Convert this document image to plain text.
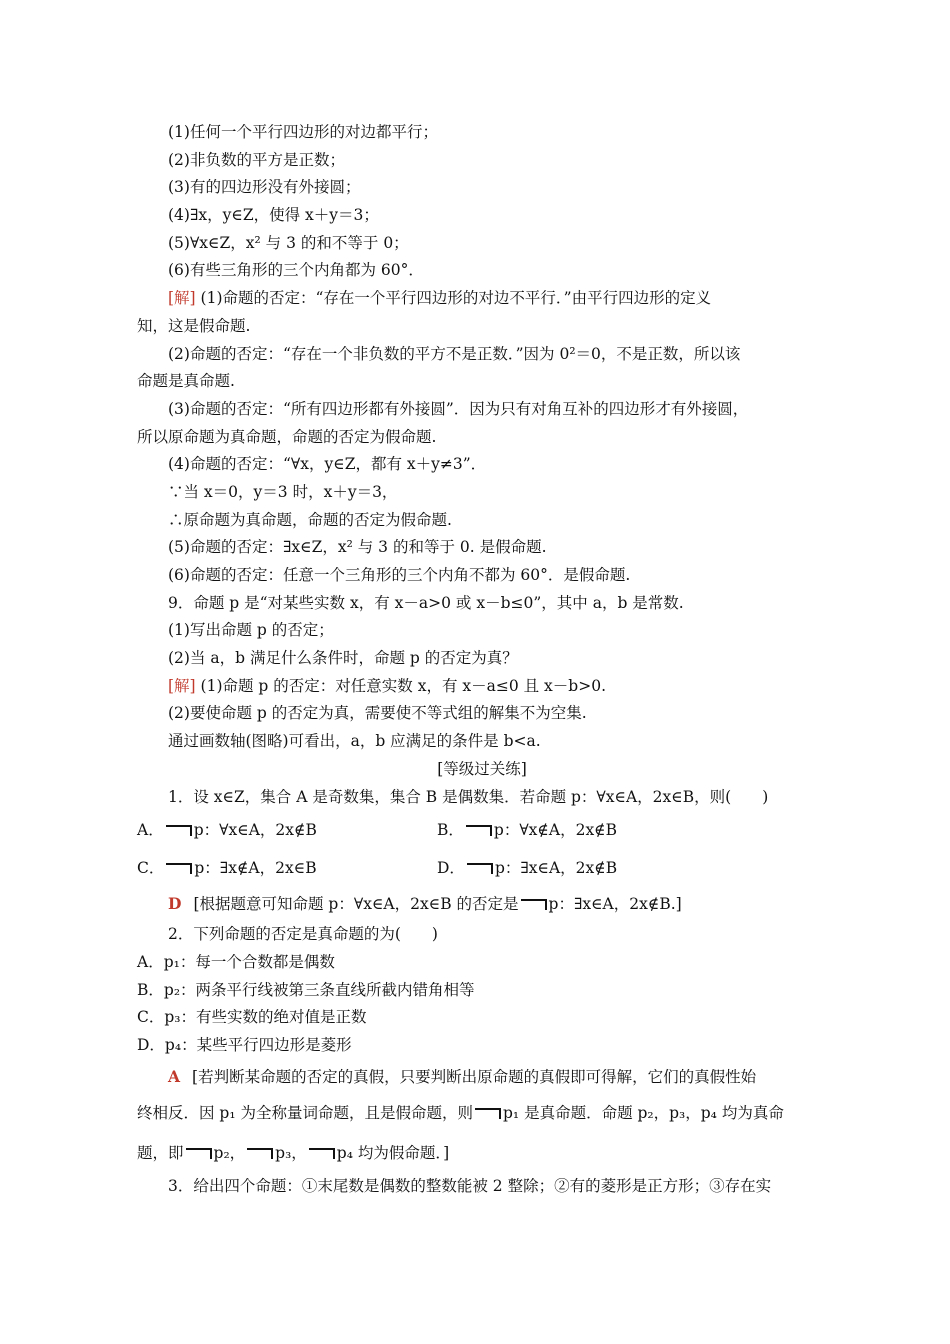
(1)任何一个平行四边形的对边都平行；
(2)非负数的平方是正数；
(3)有的四边形没有外接圆；
(4)∃x，y∈Z，使得 x＋y＝3；
(5)∀x∈Z，x² 与 3 的和不等于 0；
(6)有些三角形的三个内角都为 60°．
[解] (1)命题的否定：“存在一个平行四边形的对边不平行．”由平行四边形的定义
知，这是假命题.
(2)命题的否定：“存在一个非负数的平方不是正数．”因为 0²＝0，不是正数，所以该
命题是真命题.
(3)命题的否定：“所有四边形都有外接圆”．因为只有对角互补的四边形才有外接圆，
所以原命题为真命题，命题的否定为假命题.
(4)命题的否定：“∀x，y∈Z，都有 x＋y≠3”．
∵当 x＝0，y＝3 时，x＋y＝3，
∴原命题为真命题，命题的否定为假命题.
(5)命题的否定：∃x∈Z，x² 与 3 的和等于 0. 是假命题.
(6)命题的否定：任意一个三角形的三个内角不都为 60°．是假命题.
9．命题 p 是“对某些实数 x，有 x－a>0 或 x－b≤0”，其中 a，b 是常数.
(1)写出命题 p 的否定；
(2)当 a，b 满足什么条件时，命题 p 的否定为真？
[解] (1)命题 p 的否定：对任意实数 x，有 x－a≤0 且 x－b>0.
(2)要使命题 p 的否定为真，需要使不等式组的解集不为空集.
通过画数轴(图略)可看出，a，b 应满足的条件是 b<a.
[等级过关练]
1．设 x∈Z，集合 A 是奇数集，集合 B 是偶数集．若命题 p：∀x∈A，2x∈B，则(　　)
A． p：∀x∈A，2x∉B	B． p：∀x∉A，2x∉B
C． p：∃x∉A，2x∈B	D． p：∃x∈A，2x∉B
D [根据题意可知命题 p：∀x∈A，2x∈B 的否定是 p：∃x∈A，2x∉B.]
2．下列命题的否定是真命题的为(　　)
A．p₁：每一个合数都是偶数
B．p₂：两条平行线被第三条直线所截内错角相等
C．p₃：有些实数的绝对值是正数
D．p₄：某些平行四边形是菱形
A [若判断某命题的否定的真假，只要判断出原命题的真假即可得解，它们的真假性始
终相反．因 p₁ 为全称量词命题，且是假命题，则 p₁ 是真命题．命题 p₂，p₃，p₄ 均为真命
题，即 p₂， p₃， p₄ 均为假命题．]
3．给出四个命题：①末尾数是偶数的整数能被 2 整除；②有的菱形是正方形；③存在实
